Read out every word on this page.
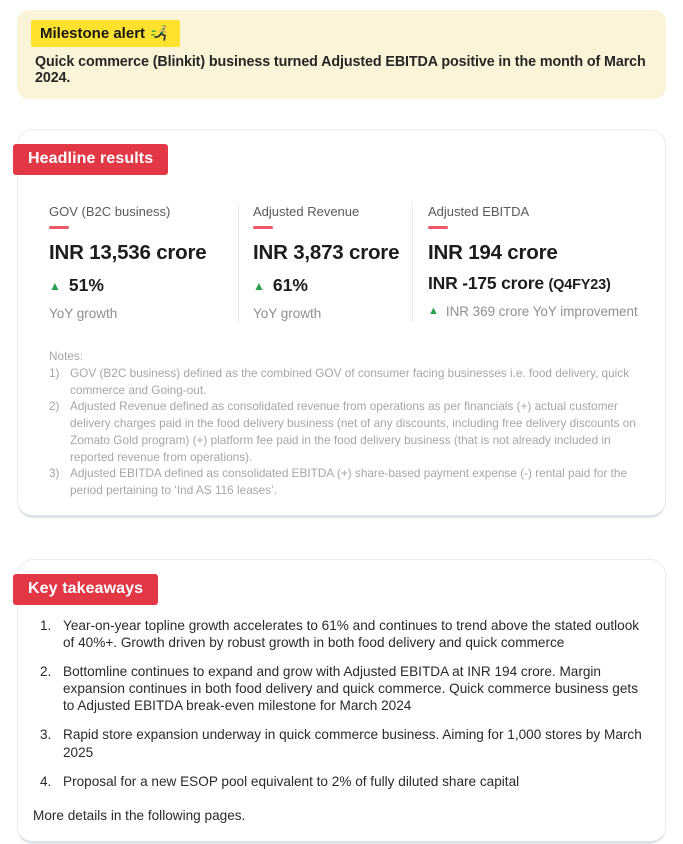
Milestone alert

Quick commerce (Blinkit) business turned Adjusted EBITDA positive in the month of March 2024.

Headline results
GOV (B2C business)
INR 13,536 crore
▲ 51%
YoY growth
Adjusted Revenue
INR 3,873 crore
▲ 61%
YoY growth
Adjusted EBITDA
INR 194 crore
INR -175 crore (Q4FY23)
▲ INR 369 crore YoY improvement
Notes:
1) GOV (B2C business) defined as the combined GOV of consumer facing businesses i.e. food delivery, quick commerce and Going-out.
2) Adjusted Revenue defined as consolidated revenue from operations as per financials (+) actual customer delivery charges paid in the food delivery business (net of any discounts, including free delivery discounts on Zomato Gold program) (+) platform fee paid in the food delivery business (that is not already included in reported revenue from operations).
3) Adjusted EBITDA defined as consolidated EBITDA (+) share-based payment expense (-) rental paid for the period pertaining to ‘Ind AS 116 leases’.
Key takeaways
1. Year-on-year topline growth accelerates to 61% and continues to trend above the stated outlook of 40%+. Growth driven by robust growth in both food delivery and quick commerce
2. Bottomline continues to expand and grow with Adjusted EBITDA at INR 194 crore. Margin expansion continues in both food delivery and quick commerce. Quick commerce business gets to Adjusted EBITDA break-even milestone for March 2024
3. Rapid store expansion underway in quick commerce business. Aiming for 1,000 stores by March 2025
4. Proposal for a new ESOP pool equivalent to 2% of fully diluted share capital
More details in the following pages.
